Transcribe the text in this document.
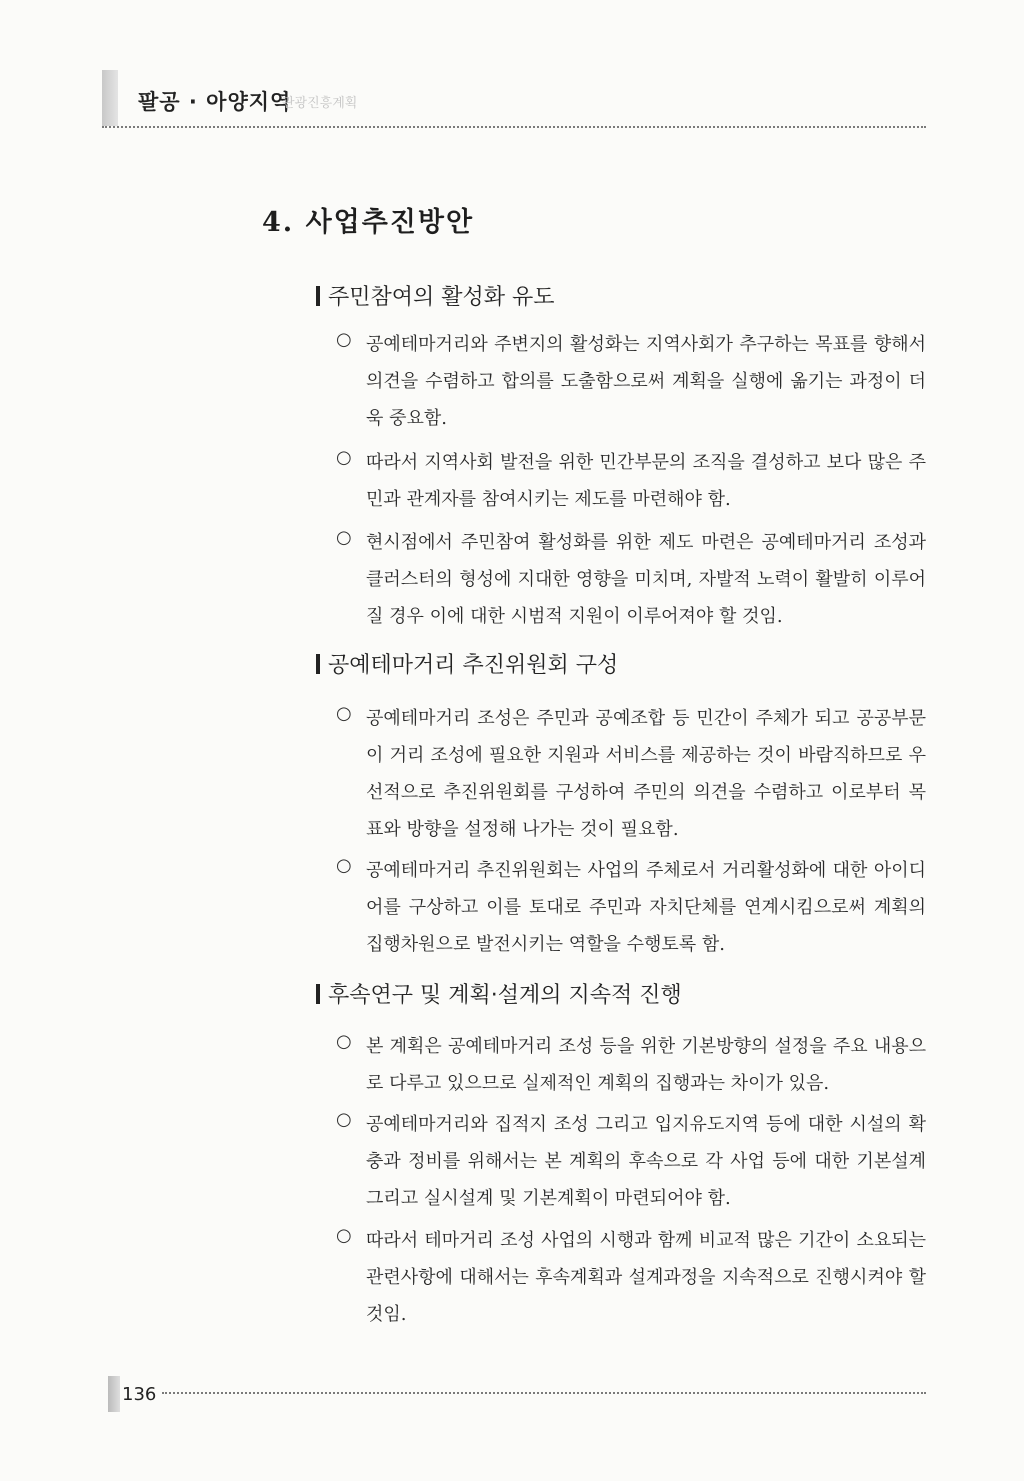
팔공 · 아양지역
관광진흥계획
4. 사업추진방안
주민참여의 활성화 유도
○ 공예테마거리와 주변지의 활성화는 지역사회가 추구하는 목표를 향해서 의견을 수렴하고 합의를 도출함으로써 계획을 실행에 옮기는 과정이 더욱 중요함.
○ 따라서 지역사회 발전을 위한 민간부문의 조직을 결성하고 보다 많은 주민과 관계자를 참여시키는 제도를 마련해야 함.
○ 현시점에서 주민참여 활성화를 위한 제도 마련은 공예테마거리 조성과 클러스터의 형성에 지대한 영향을 미치며, 자발적 노력이 활발히 이루어질 경우 이에 대한 시범적 지원이 이루어져야 할 것임.
공예테마거리 추진위원회 구성
○ 공예테마거리 조성은 주민과 공예조합 등 민간이 주체가 되고 공공부문이 거리 조성에 필요한 지원과 서비스를 제공하는 것이 바람직하므로 우선적으로 추진위원회를 구성하여 주민의 의견을 수렴하고 이로부터 목표와 방향을 설정해 나가는 것이 필요함.
○ 공예테마거리 추진위원회는 사업의 주체로서 거리활성화에 대한 아이디어를 구상하고 이를 토대로 주민과 자치단체를 연계시킴으로써 계획의 집행차원으로 발전시키는 역할을 수행토록 함.
후속연구 및 계획·설계의 지속적 진행
○ 본 계획은 공예테마거리 조성 등을 위한 기본방향의 설정을 주요 내용으로 다루고 있으므로 실제적인 계획의 집행과는 차이가 있음.
○ 공예테마거리와 집적지 조성 그리고 입지유도지역 등에 대한 시설의 확충과 정비를 위해서는 본 계획의 후속으로 각 사업 등에 대한 기본설계 그리고 실시설계 및 기본계획이 마련되어야 함.
○ 따라서 테마거리 조성 사업의 시행과 함께 비교적 많은 기간이 소요되는 관련사항에 대해서는 후속계획과 설계과정을 지속적으로 진행시켜야 할 것임.
136
